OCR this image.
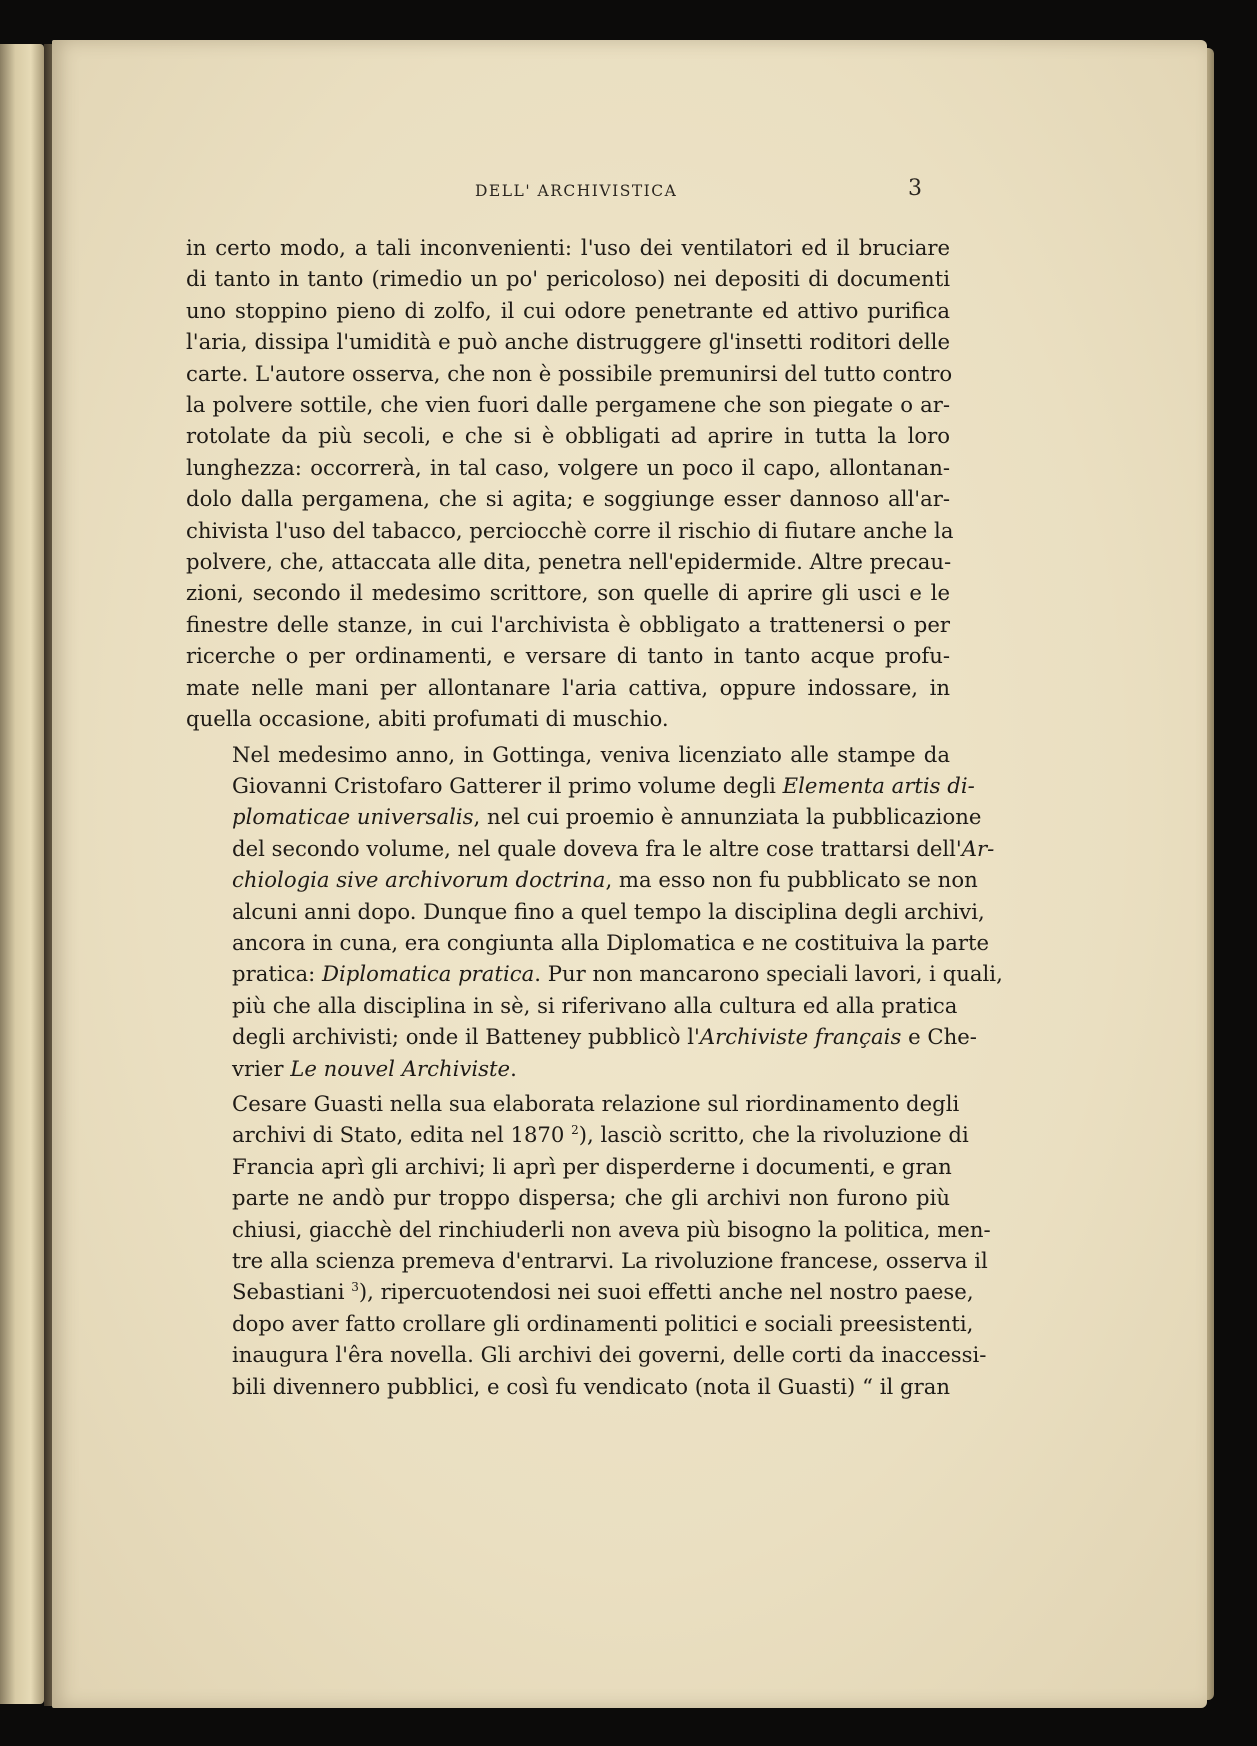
DELL' ARCHIVISTICA	3

in certo modo, a tali inconvenienti: l'uso dei ventilatori ed il bruciare
di tanto in tanto (rimedio un po' pericoloso) nei depositi di documenti
uno stoppino pieno di zolfo, il cui odore penetrante ed attivo purifica
l'aria, dissipa l'umidità e può anche distruggere gl'insetti roditori delle
carte. L'autore osserva, che non è possibile premunirsi del tutto contro
la polvere sottile, che vien fuori dalle pergamene che son piegate o ar-
rotolate da più secoli, e che si è obbligati ad aprire in tutta la loro
lunghezza: occorrerà, in tal caso, volgere un poco il capo, allontanan-
dolo dalla pergamena, che si agita; e soggiunge esser dannoso all'ar-
chivista l'uso del tabacco, perciocchè corre il rischio di fiutare anche la
polvere, che, attaccata alle dita, penetra nell'epidermide. Altre precau-
zioni, secondo il medesimo scrittore, son quelle di aprire gli usci e le
finestre delle stanze, in cui l'archivista è obbligato a trattenersi o per
ricerche o per ordinamenti, e versare di tanto in tanto acque profu-
mate nelle mani per allontanare l'aria cattiva, oppure indossare, in
quella occasione, abiti profumati di muschio.

Nel medesimo anno, in Gottinga, veniva licenziato alle stampe da
Giovanni Cristofaro Gatterer il primo volume degli Elementa artis di-
plomaticae universalis, nel cui proemio è annunziata la pubblicazione
del secondo volume, nel quale doveva fra le altre cose trattarsi dell'Ar-
chiologia sive archivorum doctrina, ma esso non fu pubblicato se non
alcuni anni dopo. Dunque fino a quel tempo la disciplina degli archivi,
ancora in cuna, era congiunta alla Diplomatica e ne costituiva la parte
pratica: Diplomatica pratica. Pur non mancarono speciali lavori, i quali,
più che alla disciplina in sè, si riferivano alla cultura ed alla pratica
degli archivisti; onde il Batteney pubblicò l'Archiviste français e Che-
vrier Le nouvel Archiviste.

Cesare Guasti nella sua elaborata relazione sul riordinamento degli
archivi di Stato, edita nel 1870 $^2$), lasciò scritto, che la rivoluzione di
Francia aprì gli archivi; li aprì per disperderne i documenti, e gran
parte ne andò pur troppo dispersa; che gli archivi non furono più
chiusi, giacchè del rinchiuderli non aveva più bisogno la politica, men-
tre alla scienza premeva d'entrarvi. La rivoluzione francese, osserva il
Sebastiani $^3$), ripercuotendosi nei suoi effetti anche nel nostro paese,
dopo aver fatto crollare gli ordinamenti politici e sociali preesistenti,
inaugura l'êra novella. Gli archivi dei governi, delle corti da inaccessi-
bili divennero pubblici, e così fu vendicato (nota il Guasti) “ il gran
